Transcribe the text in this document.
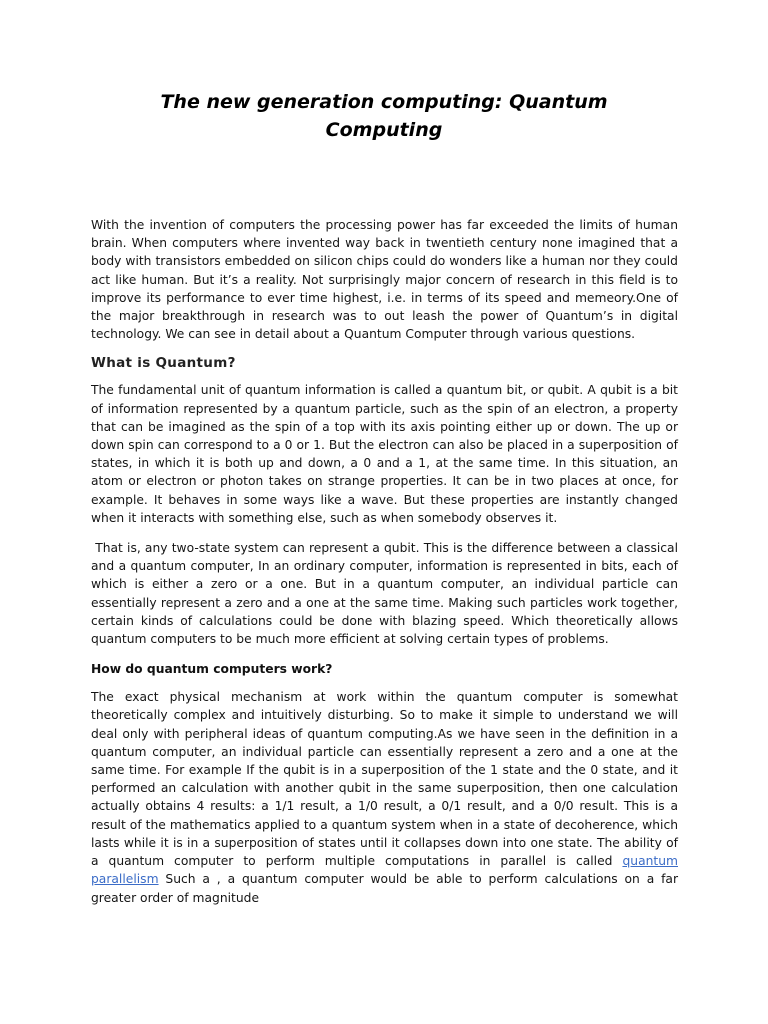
The new generation computing: Quantum Computing

With the invention of computers the processing power has far exceeded the limits of human brain. When computers where invented way back in twentieth century none imagined that a body with transistors embedded on silicon chips could do wonders like a human nor they could act like human. But it’s a reality. Not surprisingly major concern of research in this field is to improve its performance to ever time highest, i.e. in terms of its speed and memeory.One of the major breakthrough in research was to out leash the power of Quantum’s in digital technology. We can see in detail about a Quantum Computer through various questions.

What is Quantum?

The fundamental unit of quantum information is called a quantum bit, or qubit. A qubit is a bit of information represented by a quantum particle, such as the spin of an electron, a property that can be imagined as the spin of a top with its axis pointing either up or down. The up or down spin can correspond to a 0 or 1. But the electron can also be placed in a superposition of states, in which it is both up and down, a 0 and a 1, at the same time. In this situation, an atom or electron or photon takes on strange properties. It can be in two places at once, for example. It behaves in some ways like a wave. But these properties are instantly changed when it interacts with something else, such as when somebody observes it.

That is, any two-state system can represent a qubit. This is the difference between a classical and a quantum computer, In an ordinary computer, information is represented in bits, each of which is either a zero or a one. But in a quantum computer, an individual particle can essentially represent a zero and a one at the same time. Making such particles work together, certain kinds of calculations could be done with blazing speed. Which theoretically allows quantum computers to be much more efficient at solving certain types of problems.

How do quantum computers work?

The exact physical mechanism at work within the quantum computer is somewhat theoretically complex and intuitively disturbing. So to make it simple to understand we will deal only with peripheral ideas of quantum computing.As we have seen in the definition in a quantum computer, an individual particle can essentially represent a zero and a one at the same time. For example If the qubit is in a superposition of the 1 state and the 0 state, and it performed an calculation with another qubit in the same superposition, then one calculation actually obtains 4 results: a 1/1 result, a 1/0 result, a 0/1 result, and a 0/0 result. This is a result of the mathematics applied to a quantum system when in a state of decoherence, which lasts while it is in a superposition of states until it collapses down into one state. The ability of a quantum computer to perform multiple computations in parallel is called quantum parallelism Such a , a quantum computer would be able to perform calculations on a far greater order of magnitude
